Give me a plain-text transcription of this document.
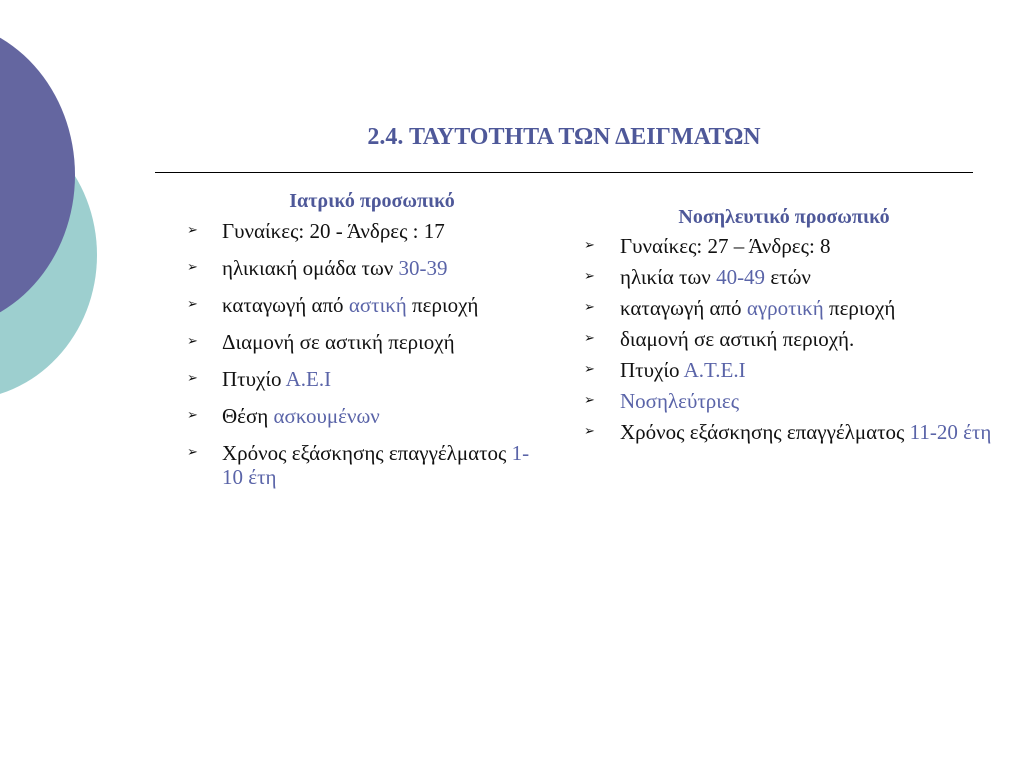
2.4. ΤΑΥΤΟΤΗΤΑ ΤΩΝ ΔΕΙΓΜΑΤΩΝ
Ιατρικό προσωπικό
➢ Γυναίκες: 20 - Άνδρες : 17
➢ ηλικιακή ομάδα των 30-39
➢ καταγωγή από αστική περιοχή
➢ Διαμονή σε αστική περιοχή
➢ Πτυχίο Α.Ε.Ι
➢ Θέση ασκουμένων
➢ Χρόνος εξάσκησης επαγγέλματος 1-10 έτη
Νοσηλευτικό προσωπικό
➢ Γυναίκες: 27 – Άνδρες: 8
➢ ηλικία των 40-49 ετών
➢ καταγωγή από αγροτική περιοχή
➢ διαμονή σε αστική περιοχή.
➢ Πτυχίο Α.Τ.Ε.Ι
➢ Νοσηλεύτριες
➢ Χρόνος εξάσκησης επαγγέλματος 11-20 έτη
